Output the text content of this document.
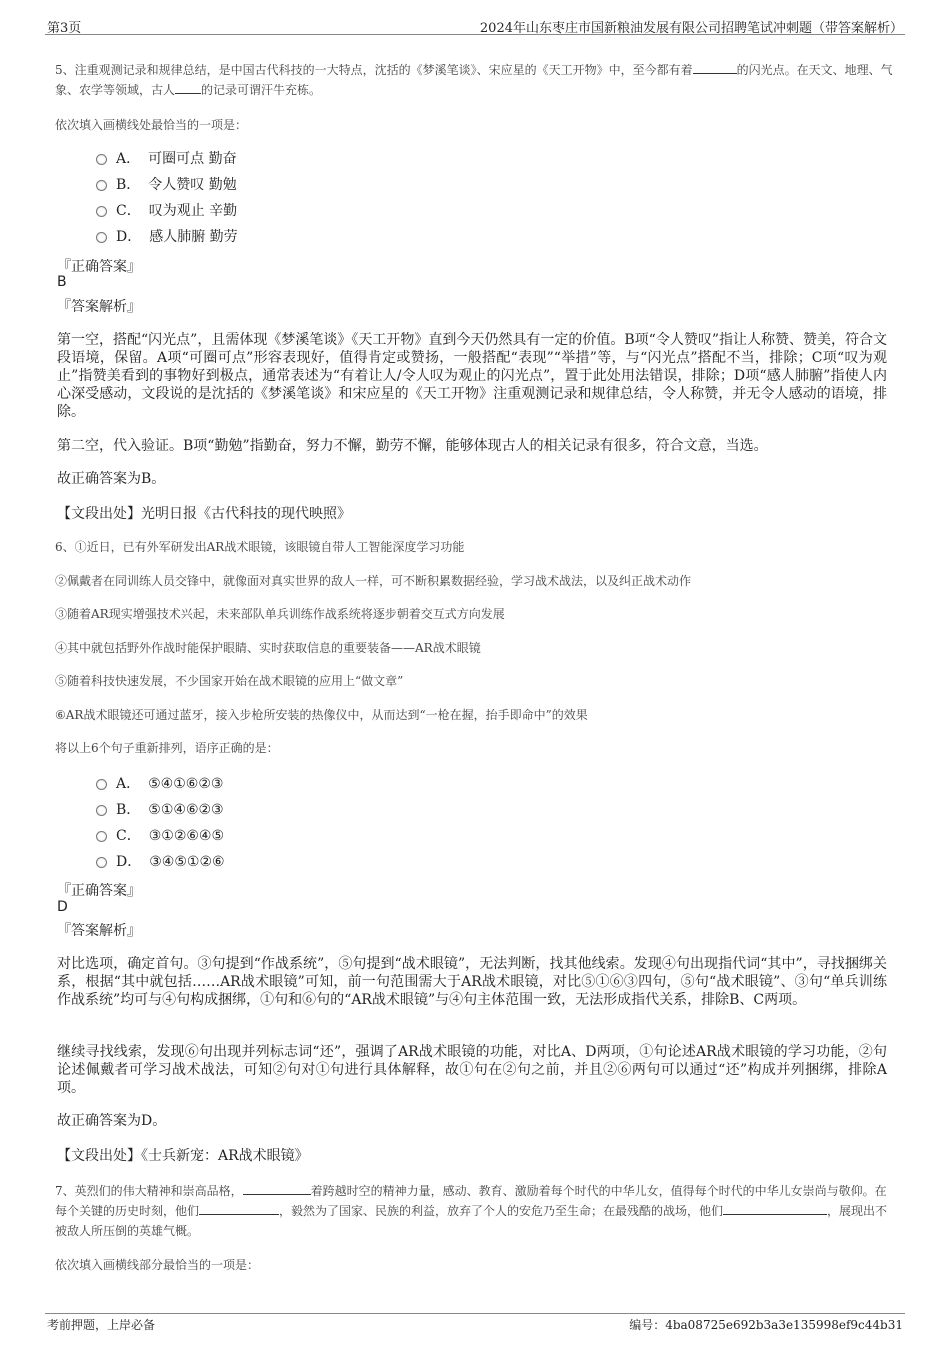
第3页	2024年山东枣庄市国新粮油发展有限公司招聘笔试冲刺题（带答案解析）
5、注重观测记录和规律总结，是中国古代科技的一大特点，沈括的《梦溪笔谈》、宋应星的《天工开物》中，至今都有着	的闪光点。在天文、地理、气象、农学等领域，古人 的记录可谓汗牛充栋。
依次填入画横线处最恰当的一项是：
A． 可圈可点 勤奋
B． 令人赞叹 勤勉
C． 叹为观止 辛勤
D． 感人肺腑 勤劳
『正确答案』
B
『答案解析』
第一空，搭配“闪光点”，且需体现《梦溪笔谈》《天工开物》直到今天仍然具有一定的价值。B项“令人赞叹”指让人称赞、赞美，符合文段语境，保留。A项“可圈可点”形容表现好，值得肯定或赞扬，一般搭配“表现”“举措”等，与“闪光点”搭配不当，排除；C项“叹为观止”指赞美看到的事物好到极点，通常表述为“有着让人/令人叹为观止的闪光点”，置于此处用法错误，排除；D项“感人肺腑”指使人内心深受感动，文段说的是沈括的《梦溪笔谈》和宋应星的《天工开物》注重观测记录和规律总结，令人称赞，并无令人感动的语境，排除。
第二空，代入验证。B项“勤勉”指勤奋，努力不懈，勤劳不懈，能够体现古人的相关记录有很多，符合文意，当选。
故正确答案为B。
【文段出处】光明日报《古代科技的现代映照》
6、①近日，已有外军研发出AR战术眼镜，该眼镜自带人工智能深度学习功能
②佩戴者在同训练人员交锋中，就像面对真实世界的敌人一样，可不断积累数据经验，学习战术战法，以及纠正战术动作
③随着AR现实增强技术兴起，未来部队单兵训练作战系统将逐步朝着交互式方向发展
④其中就包括野外作战时能保护眼睛、实时获取信息的重要装备——AR战术眼镜
⑤随着科技快速发展，不少国家开始在战术眼镜的应用上“做文章”
⑥AR战术眼镜还可通过蓝牙，接入步枪所安装的热像仪中，从而达到“一枪在握，抬手即命中”的效果
将以上6个句子重新排列，语序正确的是：
A． ⑤④①⑥②③
B． ⑤①④⑥②③
C． ③①②⑥④⑤
D． ③④⑤①②⑥
『正确答案』
D
『答案解析』
对比选项，确定首句。③句提到“作战系统”，⑤句提到“战术眼镜”，无法判断，找其他线索。发现④句出现指代词“其中”，寻找捆绑关系，根据“其中就包括……AR战术眼镜”可知，前一句范围需大于AR战术眼镜，对比⑤①⑥③四句，⑤句“战术眼镜”、③句“单兵训练作战系统”均可与④句构成捆绑，①句和⑥句的“AR战术眼镜”与④句主体范围一致，无法形成指代关系，排除B、C两项。
继续寻找线索，发现⑥句出现并列标志词“还”，强调了AR战术眼镜的功能，对比A、D两项，①句论述AR战术眼镜的学习功能，②句论述佩戴者可学习战术战法，可知②句对①句进行具体解释，故①句在②句之前，并且②⑥两句可以通过“还”构成并列捆绑，排除A项。
故正确答案为D。
【文段出处】《士兵新宠：AR战术眼镜》
7、英烈们的伟大精神和崇高品格，	着跨越时空的精神力量，感动、教育、激励着每个时代的中华儿女，值得每个时代的中华儿女崇尚与敬仰。在每个关键的历史时刻，他们	，毅然为了国家、民族的利益，放弃了个人的安危乃至生命；在最残酷的战场，他们	，展现出不被敌人所压倒的英雄气概。
依次填入画横线部分最恰当的一项是：
考前押题，上岸必备	编号：4ba08725e692b3a3e135998ef9c44b31
